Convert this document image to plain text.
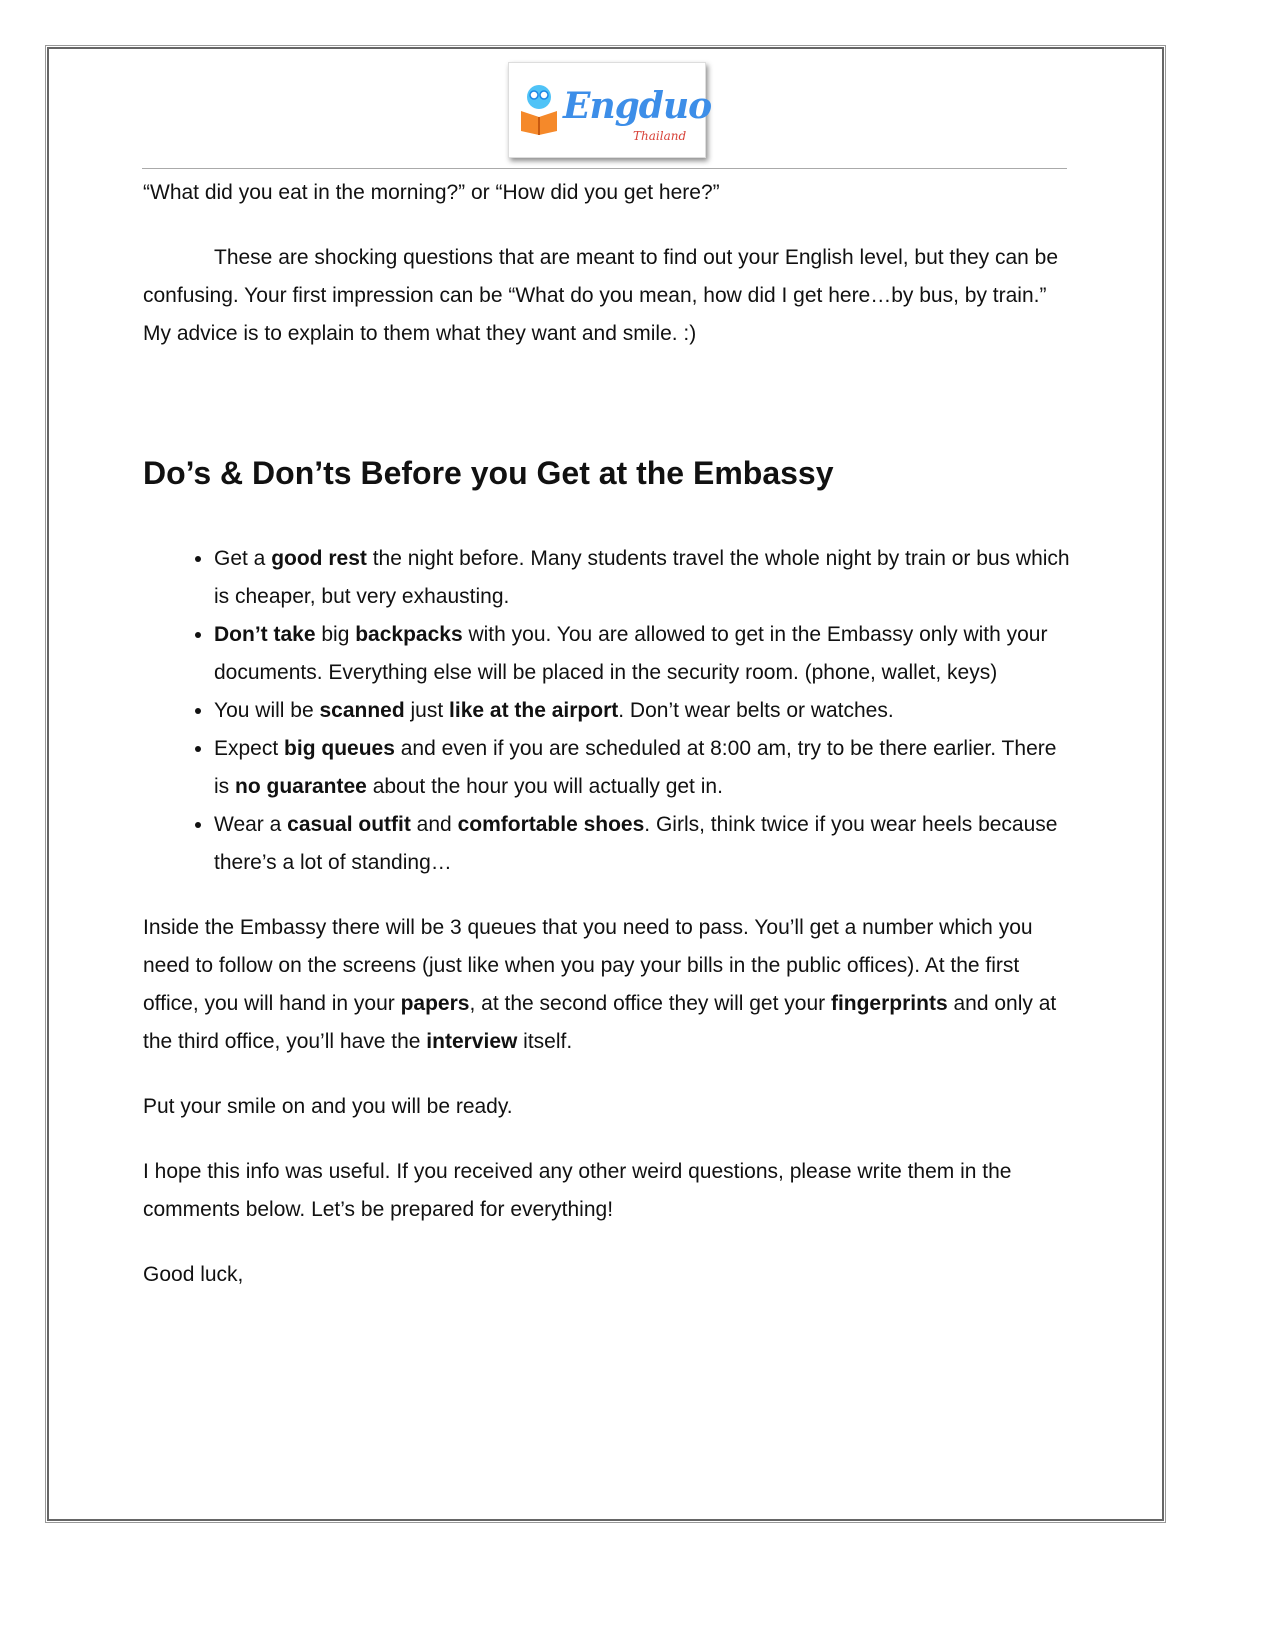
Engduo
Thailand

“What did you eat in the morning?” or “How did you get here?”

These are shocking questions that are meant to find out your English level, but they can be confusing. Your first impression can be “What do you mean, how did I get here…by bus, by train.” My advice is to explain to them what they want and smile. :)

Do’s & Don’ts Before you Get at the Embassy
• Get a good rest the night before. Many students travel the whole night by train or bus which is cheaper, but very exhausting.
• Don’t take big backpacks with you. You are allowed to get in the Embassy only with your documents. Everything else will be placed in the security room. (phone, wallet, keys)
• You will be scanned just like at the airport. Don’t wear belts or watches.
• Expect big queues and even if you are scheduled at 8:00 am, try to be there earlier. There is no guarantee about the hour you will actually get in.
• Wear a casual outfit and comfortable shoes. Girls, think twice if you wear heels because there’s a lot of standing…

Inside the Embassy there will be 3 queues that you need to pass. You’ll get a number which you need to follow on the screens (just like when you pay your bills in the public offices). At the first office, you will hand in your papers, at the second office they will get your fingerprints and only at the third office, you’ll have the interview itself.

Put your smile on and you will be ready.

I hope this info was useful. If you received any other weird questions, please write them in the comments below. Let’s be prepared for everything!

Good luck,
